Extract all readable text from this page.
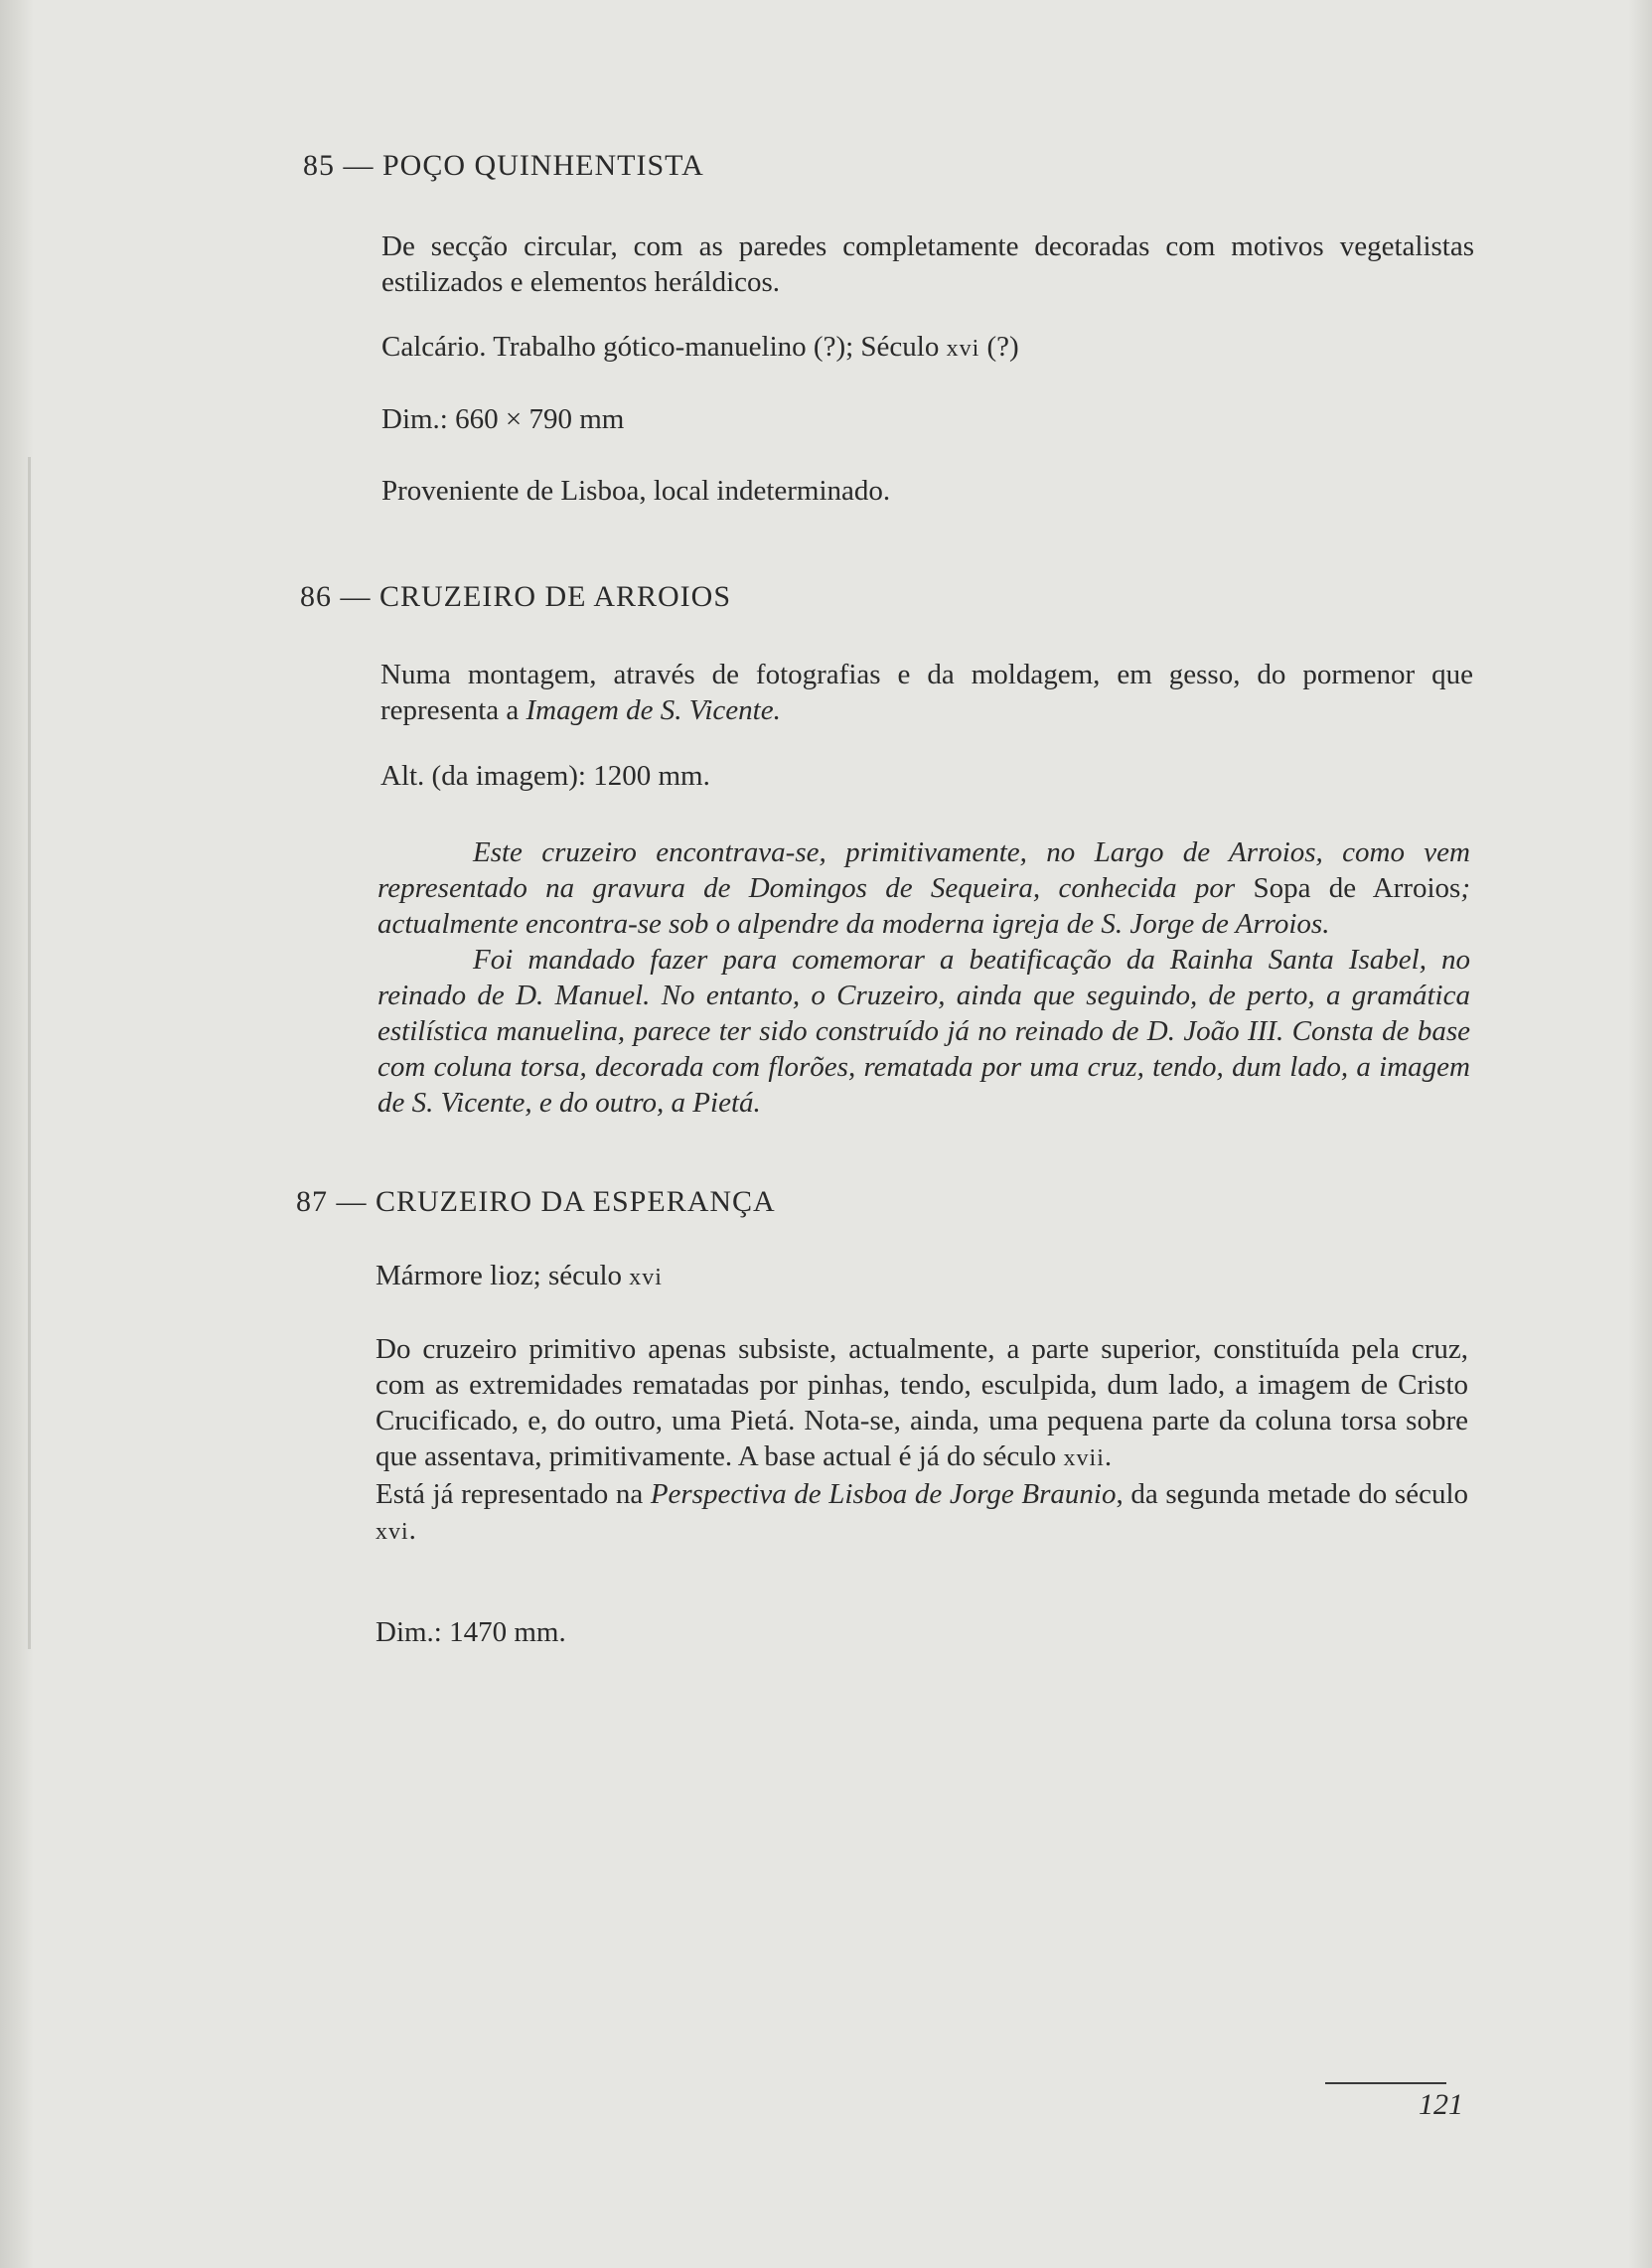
85 — POÇO QUINHENTISTA
De secção circular, com as paredes completamente decoradas com motivos vegetalistas estilizados e elementos heráldicos.
Calcário. Trabalho gótico-manuelino (?); Século xvi (?)
Dim.: 660 × 790 mm
Proveniente de Lisboa, local indeterminado.
86 — CRUZEIRO DE ARROIOS
Numa montagem, através de fotografias e da moldagem, em gesso, do pormenor que representa a Imagem de S. Vicente.
Alt. (da imagem): 1200 mm.
Este cruzeiro encontrava-se, primitivamente, no Largo de Arroios, como vem representado na gravura de Domingos de Sequeira, conhecida por Sopa de Arroios; actualmente encontra-se sob o alpendre da moderna igreja de S. Jorge de Arroios.
Foi mandado fazer para comemorar a beatificação da Rainha Santa Isabel, no reinado de D. Manuel. No entanto, o Cruzeiro, ainda que seguindo, de perto, a gramática estilística manuelina, parece ter sido construído já no reinado de D. João III. Consta de base com coluna torsa, decorada com florões, rematada por uma cruz, tendo, dum lado, a imagem de S. Vicente, e do outro, a Pietá.
87 — CRUZEIRO DA ESPERANÇA
Mármore lioz; século xvi
Do cruzeiro primitivo apenas subsiste, actualmente, a parte superior, constituída pela cruz, com as extremidades rematadas por pinhas, tendo, esculpida, dum lado, a imagem de Cristo Crucificado, e, do outro, uma Pietá. Nota-se, ainda, uma pequena parte da coluna torsa sobre que assentava, primitivamente. A base actual é já do século xvii.
Está já representado na Perspectiva de Lisboa de Jorge Braunio, da segunda metade do século xvi.
Dim.: 1470 mm.
121
